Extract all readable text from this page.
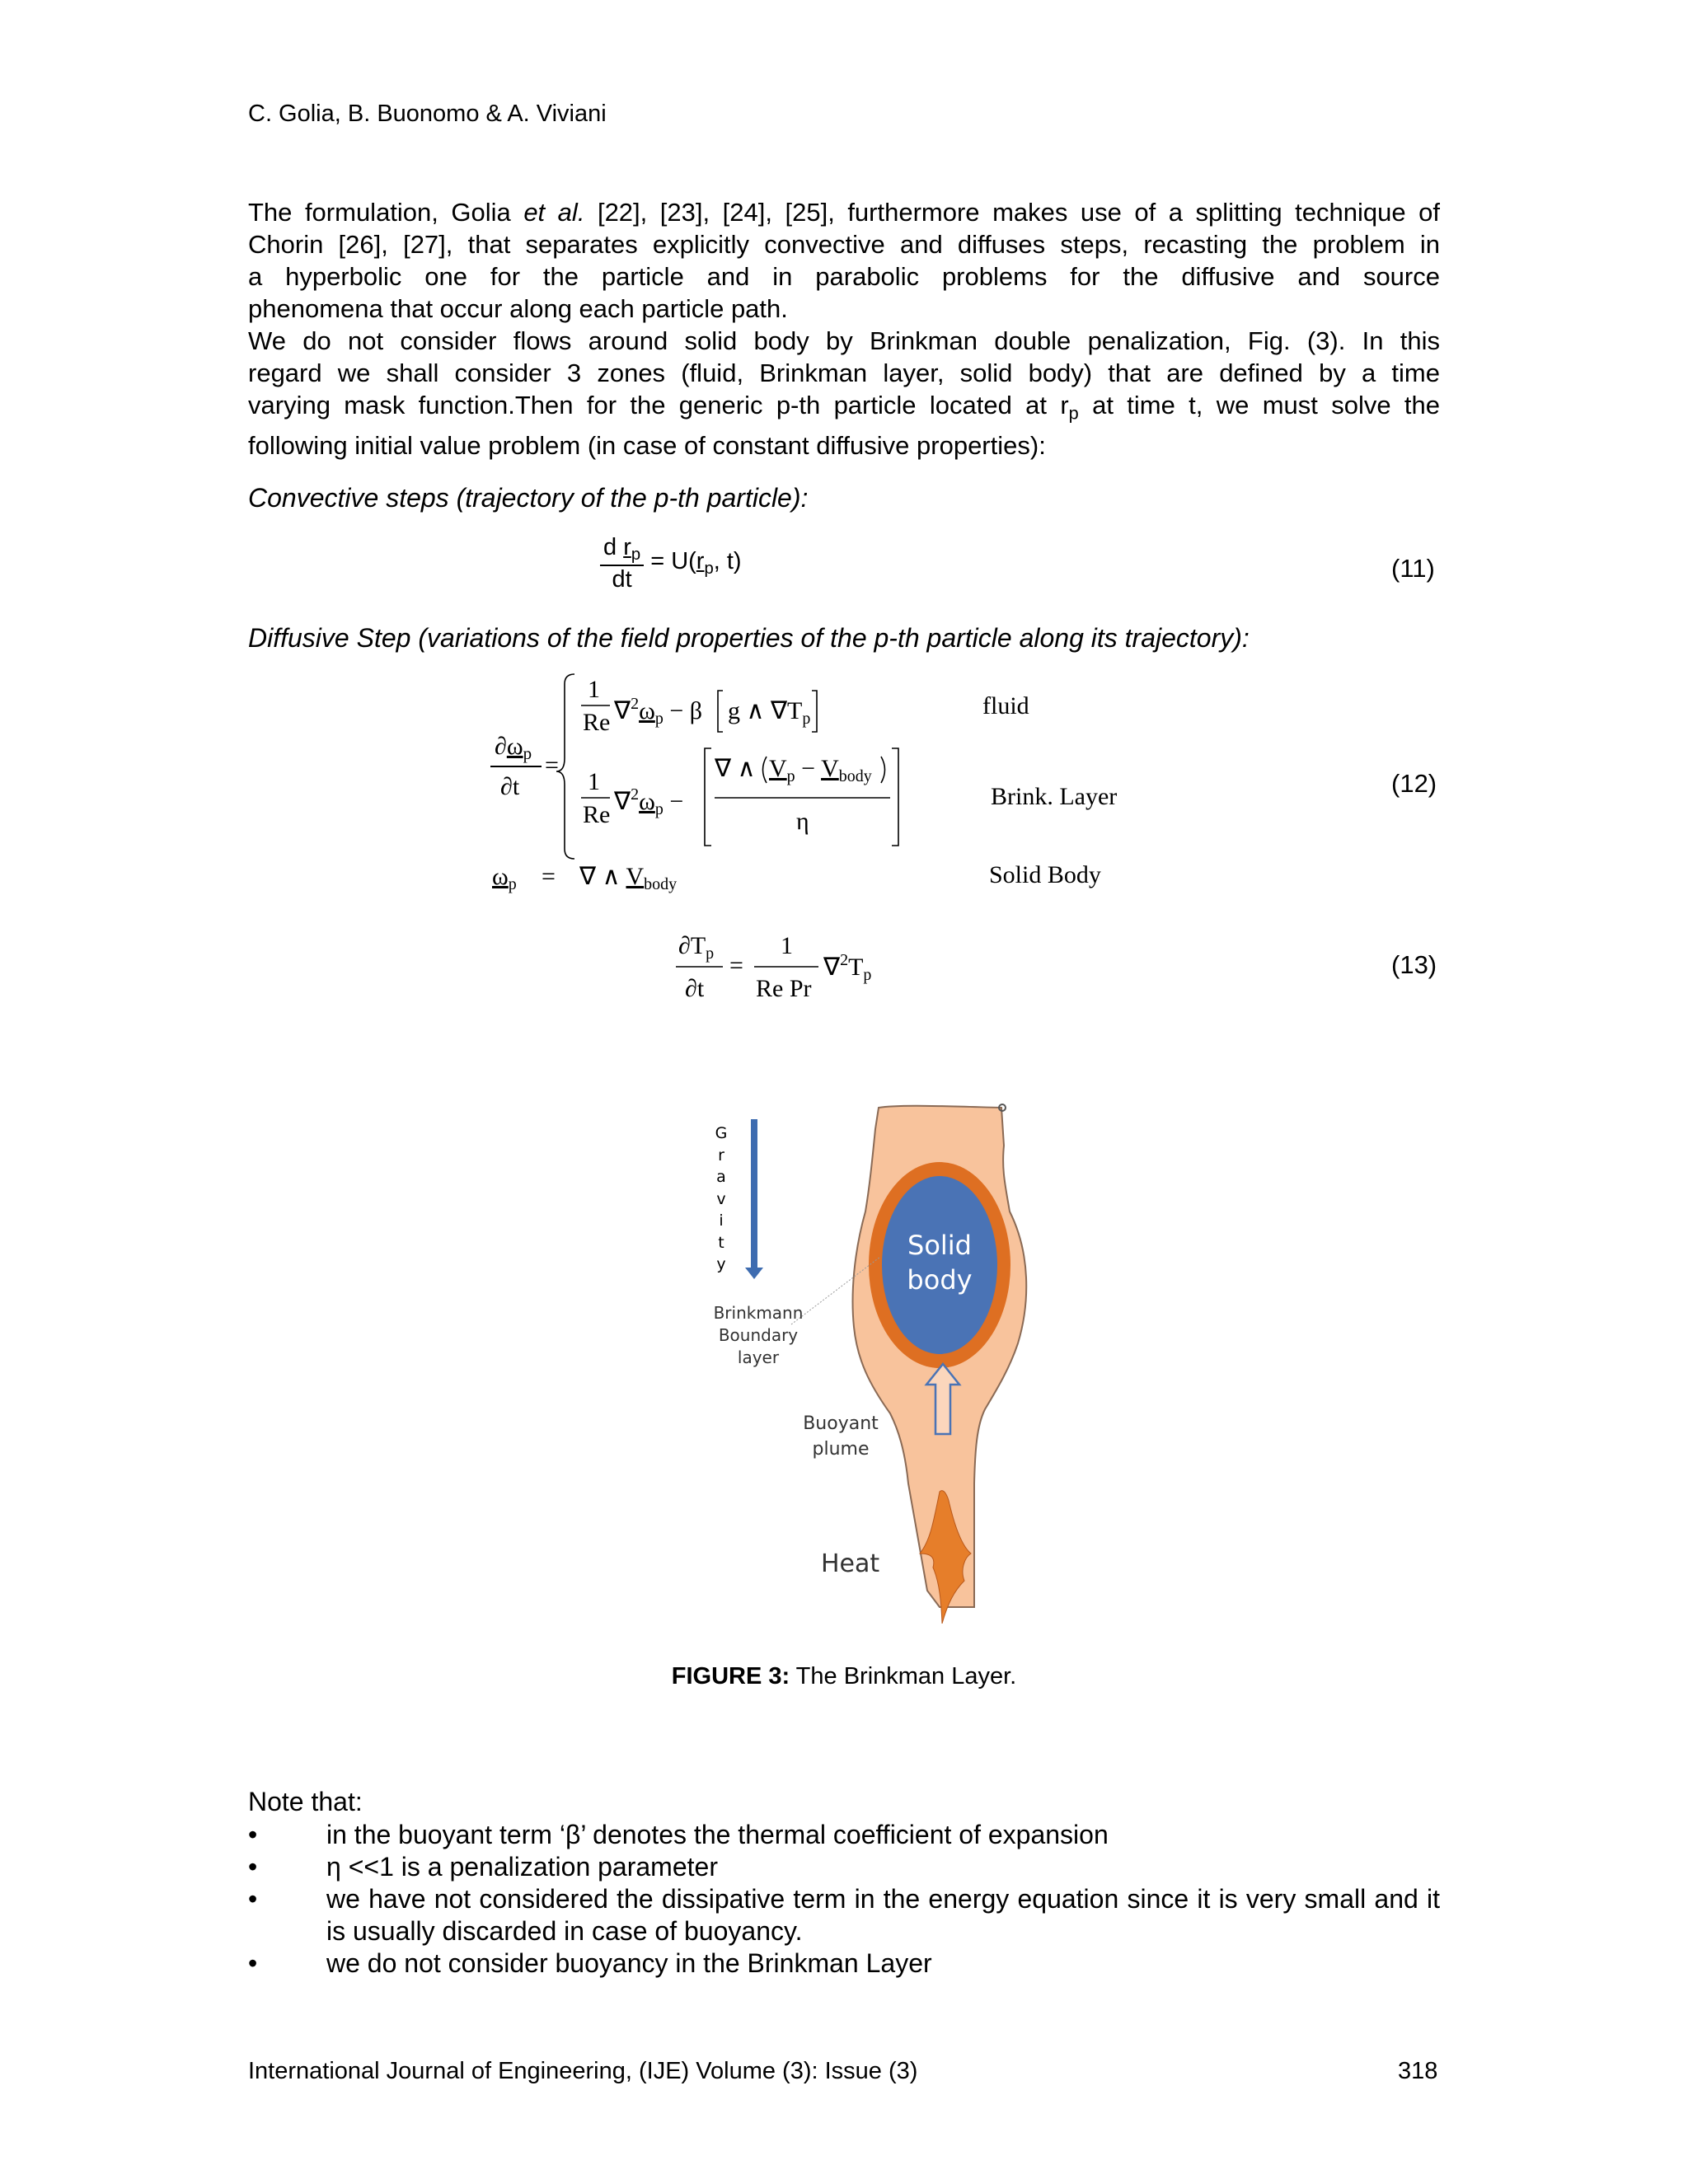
C. Golia, B. Buonomo & A. Viviani
The formulation, Golia et al. [22], [23], [24], [25], furthermore makes use of a splitting technique of
Chorin [26], [27], that separates explicitly convective and diffuses steps, recasting the problem in
a hyperbolic one for the particle and in parabolic problems for the diffusive and source
phenomena that occur along each particle path.
We do not consider flows around solid body by Brinkman double penalization, Fig. (3). In this
regard we shall consider 3 zones (fluid, Brinkman layer, solid body) that are defined by a time
varying mask function.Then for the generic p-th particle located at $r_p$ at time t, we must solve the
following initial value problem (in case of constant diffusive properties):
Convective steps (trajectory of the p-th particle):
$\frac{d r_p}{dt} = U(r_p$, t)	(11)
Diffusive Step (variations of the field properties of the p-th particle along its trajectory):
$\partial\omega_p$
∂t
=
1
Re $\nabla^2\omega_p - \beta$ g ∧ $\nabla T_p$
1
Re $\nabla^2\omega_p$ −
∇ ∧ $V_p - V_{body}$
η
$\omega_p$ = ∇ ∧ $V_{body}$
fluid
Brink. Layer
Solid Body
(12)
$\partial T_p$
∂t
=
1
Re Pr
$\nabla^2T_p$	(13)
G
r
a
v
i
t
y
Solid
body
Brinkmann
Boundary
layer
Buoyant
plume
Heat
FIGURE 3: The Brinkman Layer.
Note that:
•	in the buoyant term ‘β’ denotes the thermal coefficient of expansion
•	η <<1 is a penalization parameter
•	we have not considered the dissipative term in the energy equation since it is very small and it is usually discarded in case of buoyancy.
•	we do not consider buoyancy in the Brinkman Layer
International Journal of Engineering, (IJE) Volume (3): Issue (3)	318
